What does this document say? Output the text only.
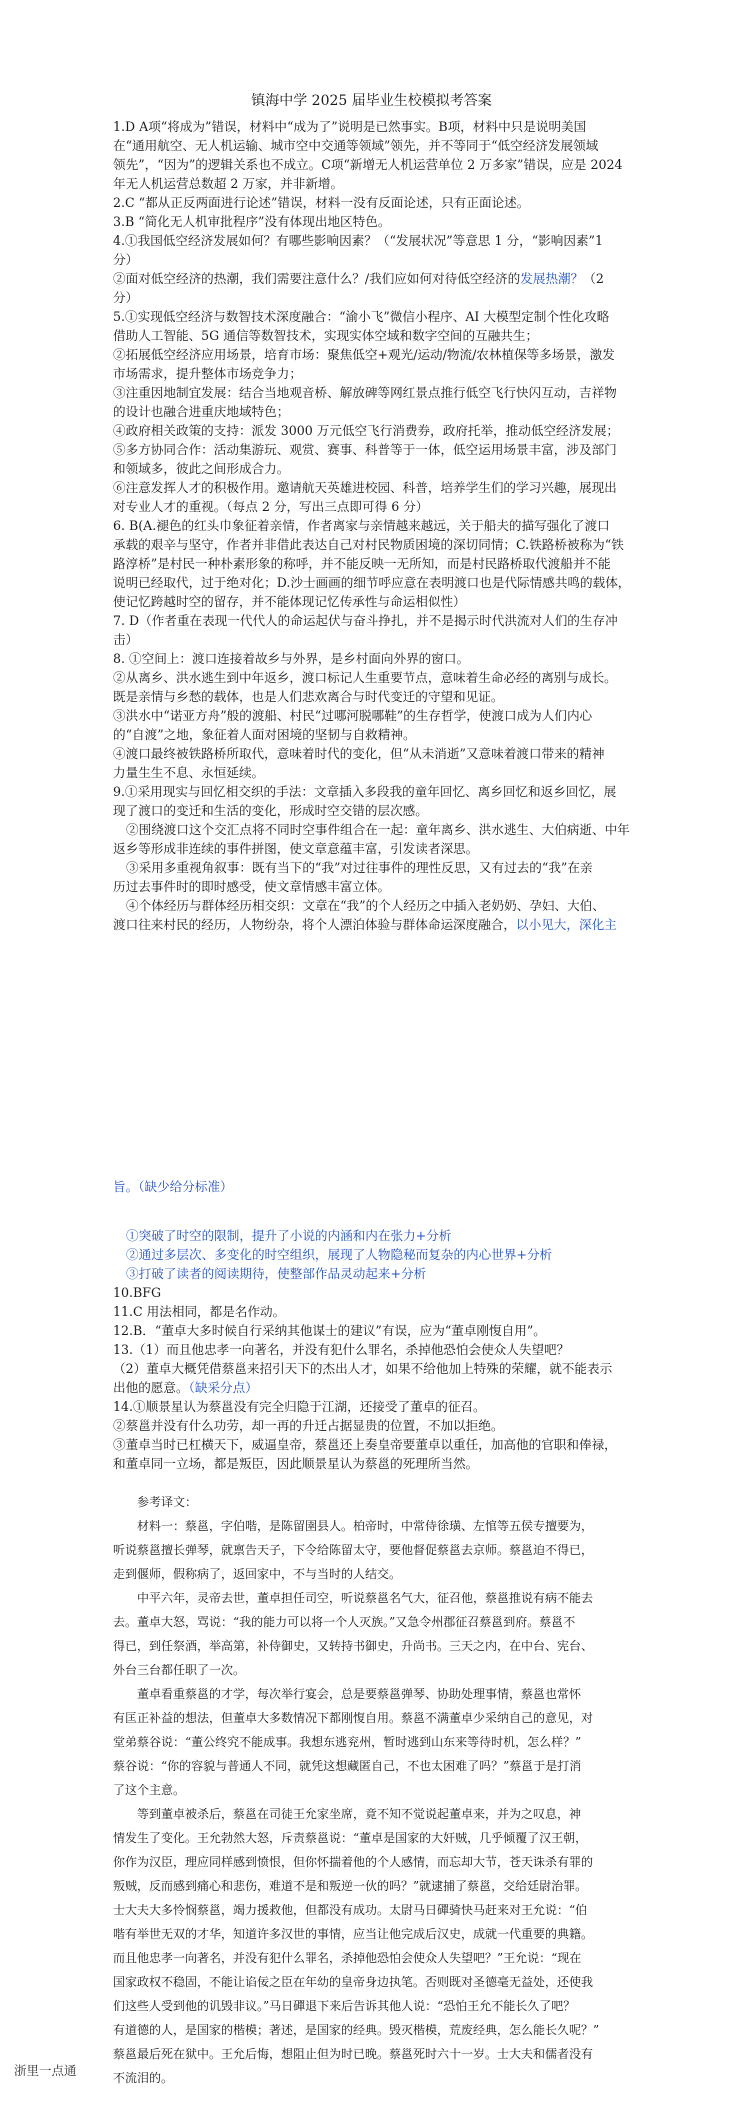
镇海中学 2025 届毕业生校模拟考答案
1.D A项“将成为”错误，材料中“成为了”说明是已然事实。B项，材料中只是说明美国
在“通用航空、无人机运输、城市空中交通等领域”领先，并不等同于“低空经济发展领域
领先”，“因为”的逻辑关系也不成立。C项“新增无人机运营单位 2 万多家”错误，应是 2024
年无人机运营总数超 2 万家，并非新增。
2.C “都从正反两面进行论述”错误，材料一没有反面论述，只有正面论述。
3.B “简化无人机审批程序”没有体现出地区特色。
4.①我国低空经济发展如何？有哪些影响因素？（“发展状况”等意思 1 分，“影响因素”1
分）
②面对低空经济的热潮，我们需要注意什么？/我们应如何对待低空经济的发展热潮？（2
分）
5.①实现低空经济与数智技术深度融合：“渝小飞”微信小程序、AI 大模型定制个性化攻略
借助人工智能、5G 通信等数智技术，实现实体空域和数字空间的互融共生；
②拓展低空经济应用场景，培育市场：聚焦低空+观光/运动/物流/农林植保等多场景，激发
市场需求，提升整体市场竞争力；
③注重因地制宜发展：结合当地观音桥、解放碑等网红景点推行低空飞行快闪互动，吉祥物
的设计也融合进重庆地域特色；
④政府相关政策的支持：派发 3000 万元低空飞行消费券，政府托举，推动低空经济发展；
⑤多方协同合作：活动集游玩、观赏、赛事、科普等于一体，低空运用场景丰富，涉及部门
和领域多，彼此之间形成合力。
⑥注意发挥人才的积极作用。邀请航天英雄进校园、科普，培养学生们的学习兴趣，展现出
对专业人才的重视。（每点 2 分，写出三点即可得 6 分）
6. B(A.褪色的红头巾象征着亲情，作者离家与亲情越来越远，关于船夫的描写强化了渡口
承载的艰辛与坚守，作者并非借此表达自己对村民物质困境的深切同情；C.铁路桥被称为“铁
路淳桥”是村民一种朴素形象的称呼，并不能反映一无所知，而是村民路桥取代渡船并不能
说明已经取代，过于绝对化；D.沙士画画的细节呼应意在表明渡口也是代际情感共鸣的载体，
使记忆跨越时空的留存，并不能体现记忆传承性与命运相似性）
7. D（作者重在表现一代代人的命运起伏与奋斗挣扎，并不是揭示时代洪流对人们的生存冲
击）
8. ①空间上：渡口连接着故乡与外界，是乡村面向外界的窗口。
②从离乡、洪水逃生到中年返乡，渡口标记人生重要节点，意味着生命必经的离别与成长。
既是亲情与乡愁的载体，也是人们悲欢离合与时代变迁的守望和见证。
③洪水中“诺亚方舟”般的渡船、村民“过哪河脱哪鞋”的生存哲学，使渡口成为人们内心
的“自渡”之地，象征着人面对困境的坚韧与自救精神。
④渡口最终被铁路桥所取代，意味着时代的变化，但“从未消逝”又意味着渡口带来的精神
力量生生不息、永恒延续。
9.①采用现实与回忆相交织的手法：文章插入多段我的童年回忆、离乡回忆和返乡回忆，展
现了渡口的变迁和生活的变化，形成时空交错的层次感。
②围绕渡口这个交汇点将不同时空事件组合在一起：童年离乡、洪水逃生、大伯病逝、中年
返乡等形成非连续的事件拼图，使文章意蕴丰富，引发读者深思。
③采用多重视角叙事：既有当下的“我”对过往事件的理性反思，又有过去的“我”在亲
历过去事件时的即时感受，使文章情感丰富立体。
④个体经历与群体经历相交织：文章在“我”的个人经历之中插入老奶奶、孕妇、大伯、
渡口往来村民的经历，人物纷杂，将个人漂泊体验与群体命运深度融合，以小见大，深化主
旨。（缺少给分标准）
①突破了时空的限制，提升了小说的内涵和内在张力+分析
②通过多层次、多变化的时空组织，展现了人物隐秘而复杂的内心世界+分析
③打破了读者的阅读期待，使整部作品灵动起来+分析
10.BFG
11.C 用法相同，都是名作动。
12.B．“董卓大多时候自行采纳其他谋士的建议”有误，应为“董卓刚愎自用”。
13.（1）而且他忠孝一向著名，并没有犯什么罪名，杀掉他恐怕会使众人失望吧？
（2）董卓大概凭借蔡邕来招引天下的杰出人才，如果不给他加上特殊的荣耀，就不能表示
出他的愿意。（缺采分点）
14.①顺景星认为蔡邕没有完全归隐于江湖，还接受了董卓的征召。
②蔡邕并没有什么功劳，却一再的升迁占据显贵的位置，不加以拒绝。
③董卓当时已杠横天下，威逼皇帝，蔡邕还上奏皇帝要董卓以重任，加高他的官职和俸禄，
和董卓同一立场，都是叛臣，因此顺景星认为蔡邕的死理所当然。
参考译文：
材料一：蔡邕，字伯喈，是陈留圉县人。柏帝时，中常侍徐璜、左悺等五侯专擅要为，
听说蔡邕擅长弹琴，就禀告天子，下令给陈留太守，要他督促蔡邕去京师。蔡邕迫不得已，
走到偃师，假称病了，返回家中，不与当时的人结交。
中平六年，灵帝去世，董卓担任司空，听说蔡邕名气大，征召他，蔡邕推说有病不能去
去。董卓大怒，骂说：“我的能力可以将一个人灭族。”又急令州郡征召蔡邕到府。蔡邕不
得已，到任祭酒，举高第，补侍御史，又转持书御史，升尚书。三天之内，在中台、宪台、
外台三台都任职了一次。
董卓看重蔡邕的才学，每次举行宴会，总是要蔡邕弹琴、协助处理事情，蔡邕也常怀
有匡正补益的想法，但董卓大多数情况下都刚愎自用。蔡邕不满董卓少采纳自己的意见，对
堂弟蔡谷说：“董公终究不能成事。我想东逃兖州，暂时逃到山东来等待时机，怎么样？”
蔡谷说：“你的容貌与普通人不同，就凭这想藏匿自己，不也太困难了吗？”蔡邕于是打消
了这个主意。
等到董卓被杀后，蔡邕在司徒王允家坐席，竟不知不觉说起董卓来，并为之叹息，神
情发生了变化。王允勃然大怒，斥责蔡邕说：“董卓是国家的大奸贼，几乎倾覆了汉王朝，
你作为汉臣，理应同样感到愤恨，但你怀揣着他的个人感情，而忘却大节，苍天诛杀有罪的
叛贼，反而感到痛心和悲伤，难道不是和叛逆一伙的吗？”就逮捕了蔡邕，交给廷尉治罪。
士大夫大多怜悯蔡邕，竭力援救他，但都没有成功。太尉马日磾骑快马赶来对王允说：“伯
喈有举世无双的才华，知道许多汉世的事情，应当让他完成后汉史，成就一代重要的典籍。
而且他忠孝一向著名，并没有犯什么罪名，杀掉他恐怕会使众人失望吧？”王允说：“现在
国家政权不稳固，不能让谄佞之臣在年幼的皇帝身边执笔。否则既对圣德毫无益处，还使我
们这些人受到他的讥毁非议。”马日磾退下来后告诉其他人说：“恐怕王允不能长久了吧？
有道德的人，是国家的楷模；著述，是国家的经典。毁灭楷模，荒废经典，怎么能长久呢？”
蔡邕最后死在狱中。王允后悔，想阻止但为时已晚。蔡邕死时六十一岁。士大夫和儒者没有
不流泪的。
浙里一点通
